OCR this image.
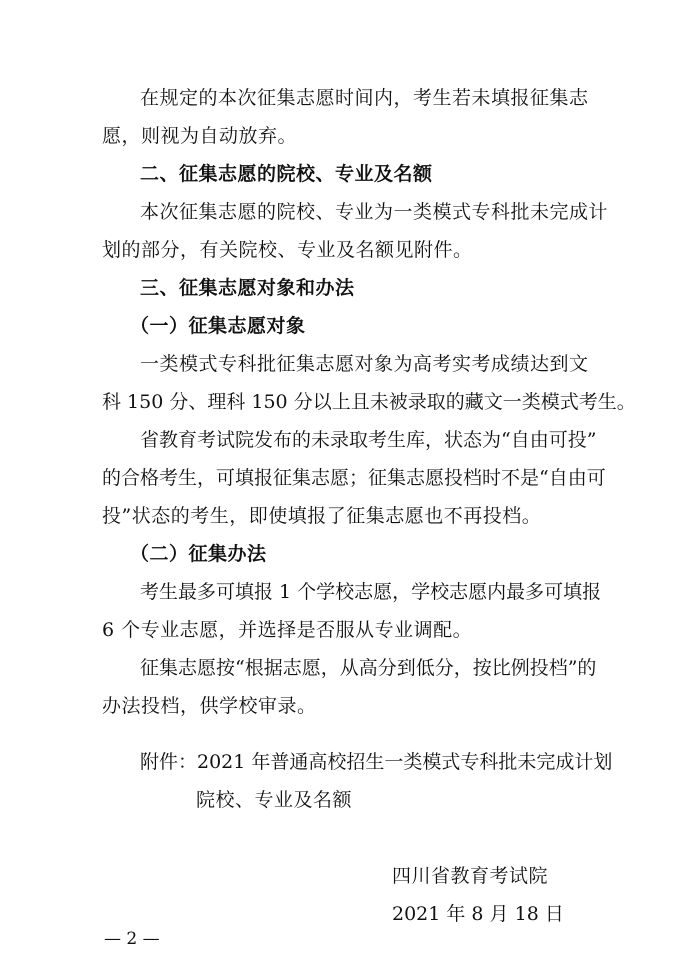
在规定的本次征集志愿时间内，考生若未填报征集志
愿，则视为自动放弃。
二、征集志愿的院校、专业及名额
本次征集志愿的院校、专业为一类模式专科批未完成计
划的部分，有关院校、专业及名额见附件。
三、征集志愿对象和办法
（一）征集志愿对象
一类模式专科批征集志愿对象为高考实考成绩达到文
科 150 分、理科 150 分以上且未被录取的藏文一类模式考生。
省教育考试院发布的未录取考生库，状态为“自由可投”
的合格考生，可填报征集志愿；征集志愿投档时不是“自由可
投”状态的考生，即使填报了征集志愿也不再投档。
（二）征集办法
考生最多可填报 1 个学校志愿，学校志愿内最多可填报
6 个专业志愿，并选择是否服从专业调配。
征集志愿按“根据志愿，从高分到低分，按比例投档”的
办法投档，供学校审录。
附件：2021 年普通高校招生一类模式专科批未完成计划
院校、专业及名额
四川省教育考试院
2021 年 8 月 18 日
— 2 —
